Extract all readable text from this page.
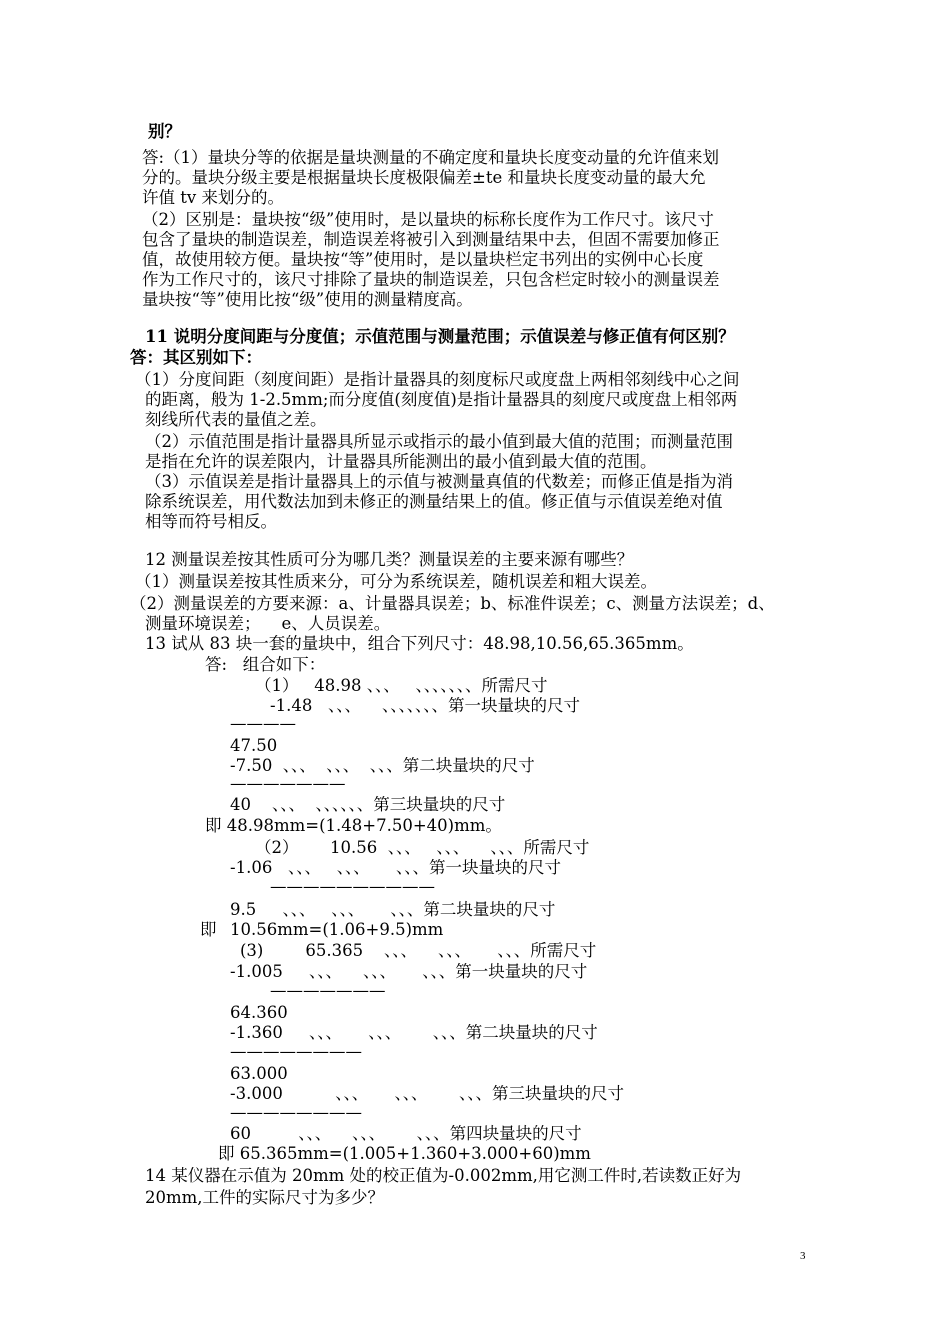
别？
答:（1）量块分等的依据是量块测量的不确定度和量块长度变动量的允许值来划
分的。量块分级主要是根据量块长度极限偏差±te 和量块长度变动量的最大允
许值 tv 来划分的。
（2）区别是：量块按“级”使用时，是以量块的标称长度作为工作尺寸。该尺寸
包含了量块的制造误差，制造误差将被引入到测量结果中去，但固不需要加修正
值，故使用较方便。量块按“等”使用时，是以量块栏定书列出的实例中心长度
作为工作尺寸的，该尺寸排除了量块的制造误差，只包含栏定时较小的测量误差
量块按“等”使用比按“级”使用的测量精度高。
11 说明分度间距与分度值；示值范围与测量范围；示值误差与修正值有何区别？
答：其区别如下：
（1）分度间距（刻度间距）是指计量器具的刻度标尺或度盘上两相邻刻线中心之间
的距离，般为 1-2.5mm;而分度值(刻度值)是指计量器具的刻度尺或度盘上相邻两
刻线所代表的量值之差。
（2）示值范围是指计量器具所显示或指示的最小值到最大值的范围；而测量范围
是指在允许的误差限内，计量器具所能测出的最小值到最大值的范围。
（3）示值误差是指计量器具上的示值与被测量真值的代数差；而修正值是指为消
除系统误差，用代数法加到未修正的测量结果上的值。修正值与示值误差绝对值
相等而符号相反。
12 测量误差按其性质可分为哪几类？测量误差的主要来源有哪些？
（1）测量误差按其性质来分，可分为系统误差，随机误差和粗大误差。
（2）测量误差的方要来源：a、计量器具误差；b、标准件误差；c、测量方法误差；d、
测量环境误差；    e、人员误差。
13 试从 83 块一套的量块中，组合下列尺寸：48.98,10.56,65.365mm。
答:   组合如下：
（1）   48.98 、、、   、、、、、、、所需尺寸
-1.48   、、、    、、、、、、、第一块量块的尺寸
————
47.50
-7.50  、、、  、、、  、、、第二块量块的尺寸
———————
40    、、、  、、、、、、第三块量块的尺寸
即 48.98mm=(1.48+7.50+40)mm。
（2）      10.56  、、、   、、、    、、、所需尺寸
-1.06   、、、   、、、     、、、第一块量块的尺寸
——————————
9.5     、、、   、、、     、、、第二块量块的尺寸
即 10.56mm=(1.06+9.5)mm
(3)        65.365    、、、    、、、     、、、所需尺寸
-1.005     、、、    、、、     、、、第一块量块的尺寸
———————
64.360
-1.360     、、、     、、、      、、、第二块量块的尺寸
————————
63.000
-3.000          、、、     、、、      、、、第三块量块的尺寸
————————
60         、、、    、、、      、、、第四块量块的尺寸
即 65.365mm=(1.005+1.360+3.000+60)mm
14 某仪器在示值为 20mm 处的校正值为-0.002mm,用它测工件时,若读数正好为
20mm,工件的实际尺寸为多少？
3
